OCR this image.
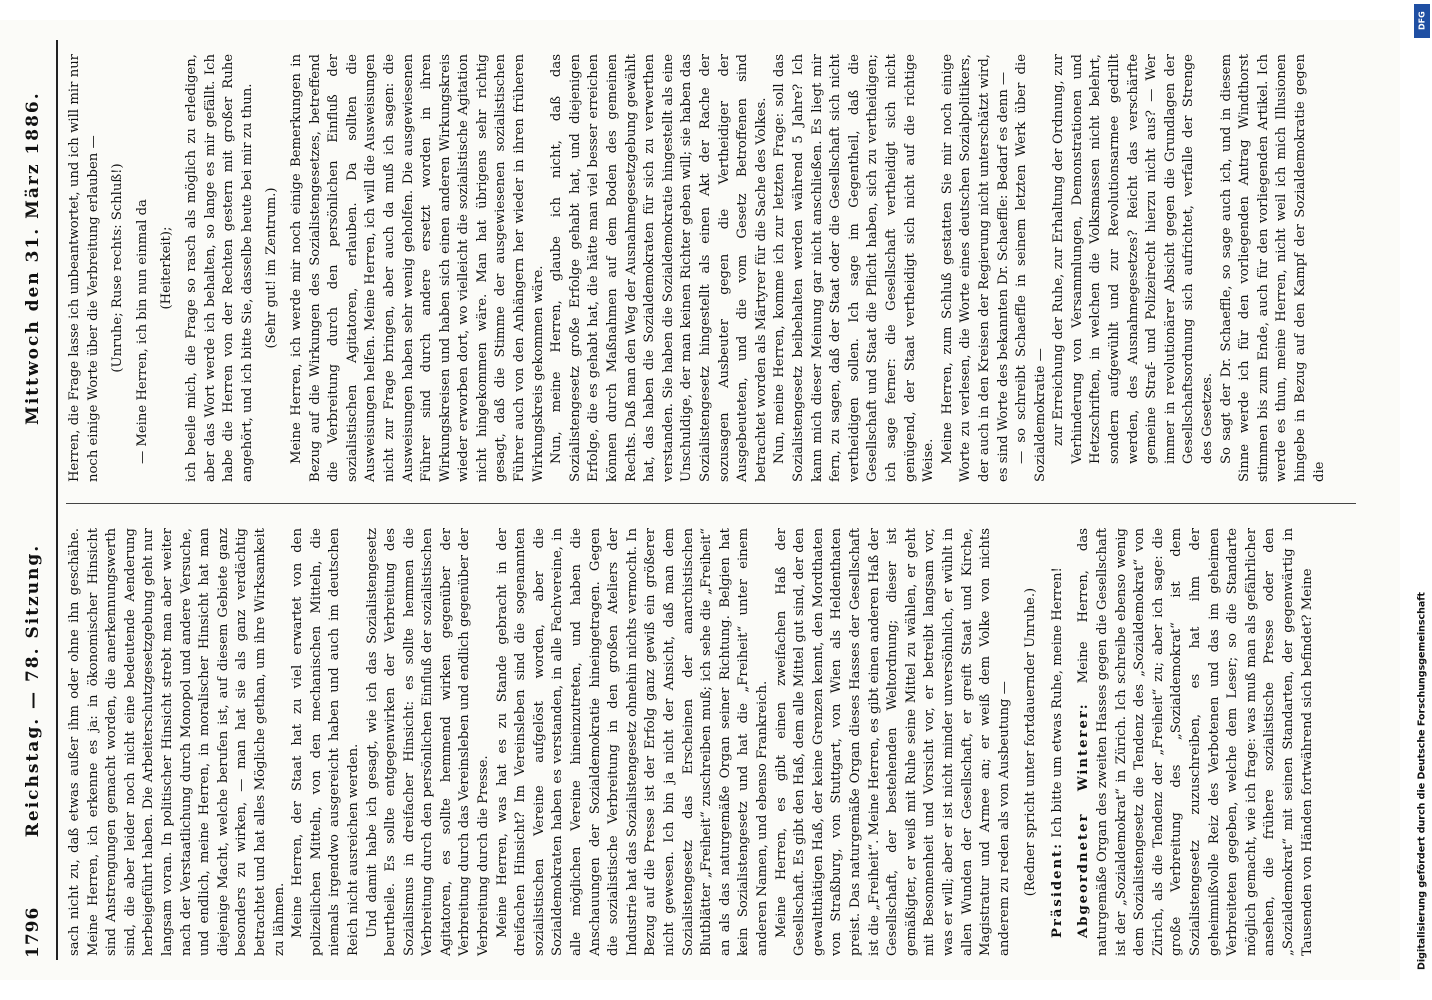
1796
Reichstag. — 78. Sitzung.
Mittwoch den 31. März 1886.

sach nicht zu, daß etwas außer ihm oder ohne ihn geschähe. Meine Herren, ich erkenne es ja: in ökonomischer Hinsicht sind Anstrengungen gemacht worden, die anerkennungswerth sind, die aber leider noch nicht eine bedeutende Aenderung herbeigeführt haben. Die Arbeiterschutzgesetzgebung geht nur langsam voran. In politischer Hinsicht strebt man aber weiter nach der Verstaatlichung durch Monopol und andere Versuche, und endlich, meine Herren, in moralischer Hinsicht hat man diejenige Macht, welche berufen ist, auf diesem Gebiete ganz besonders zu wirken, — man hat sie als ganz verdächtig betrachtet und hat alles Mögliche gethan, um ihre Wirksamkeit zu lähmen. Meine Herren, der Staat hat zu viel erwartet von den polizeilichen Mitteln, von den mechanischen Mitteln, die niemals irgendwo ausgereicht haben und auch im deutschen Reich nicht ausreichen werden. Und damit habe ich gesagt, wie ich das Sozialistengesetz beurtheile. Es sollte entgegenwirken der Verbreitung des Sozialismus in dreifacher Hinsicht: es sollte hemmen die Verbreitung durch den persönlichen Einfluß der sozialistischen Agitatoren, es sollte hemmend wirken gegenüber der Verbreitung durch das Vereinsleben und endlich gegenüber der Verbreitung durch die Presse. Meine Herren, was hat es zu Stande gebracht in der dreifachen Hinsicht? Im Vereinsleben sind die sogenannten sozialistischen Vereine aufgelöst worden, aber die Sozialdemokraten haben es verstanden, in alle Fachvereine, in alle möglichen Vereine hineinzutreten, und haben die Anschauungen der Sozialdemokratie hineingetragen. Gegen die sozialistische Verbreitung in den großen Ateliers der Industrie hat das Sozialistengesetz ohnehin nichts vermocht. In Bezug auf die Presse ist der Erfolg ganz gewiß ein größerer nicht gewesen. Ich bin ja nicht der Ansicht, daß man dem Sozialistengesetz das Erscheinen der anarchistischen Blutblätter „Freiheit“ zuschreiben muß; ich sehe die „Freiheit“ an als das naturgemäße Organ seiner Richtung. Belgien hat kein Sozialistengesetz und hat die „Freiheit“ unter einem anderen Namen, und ebenso Frankreich. Meine Herren, es gibt einen zweifachen Haß der Gesellschaft. Es gibt den Haß, dem alle Mittel gut sind, der den gewaltthätigen Haß, der keine Grenzen kennt, den Mordthaten von Straßburg, von Stuttgart, von Wien als Heldenthaten preist. Das naturgemäße Organ dieses Hasses der Gesellschaft ist die „Freiheit“. Meine Herren, es gibt einen anderen Haß der Gesellschaft, der bestehenden Weltordnung; dieser ist gemäßigter, er weiß mit Ruhe seine Mittel zu wählen, er geht mit Besonnenheit und Vorsicht vor, er betreibt langsam vor, was er will; aber er ist nicht minder unversöhnlich, er wühlt in allen Wunden der Gesellschaft, er greift Staat und Kirche, Magistratur und Armee an; er weiß dem Volke von nichts anderem zu reden als von Ausbeutung — (Redner spricht unter fortdauernder Unruhe.) Präsident: Ich bitte um etwas Ruhe, meine Herren! Abgeordneter Winterer: Meine Herren, das naturgemäße Organ des zweiten Hasses gegen die Gesellschaft ist der „Sozialdemokrat“ in Zürich. Ich schreibe ebenso wenig dem Sozialistengesetz die Tendenz des „Sozialdemokrat“ von Zürich, als die Tendenz der „Freiheit“ zu; aber ich sage: die große Verbreitung des „Sozialdemokrat“ ist dem Sozialistengesetz zuzuschreiben, es hat ihm der geheimnißvolle Reiz des Verbotenen und das im geheimen Verbreiteten gegeben, welche dem Leser; so die Standarte möglich gemacht, wie ich frage: was muß man als gefährlicher ansehen, die frühere sozialistische Presse oder den „Sozialdemokrat“ mit seinen Standarten, der gegenwärtig in Tausenden von Händen fortwährend sich befindet? Meine

Herren, die Frage lasse ich unbeantwortet, und ich will mir nur noch einige Worte über die Verbreitung erlauben — (Unruhe; Ruse rechts: Schluß!) — Meine Herren, ich bin nun einmal da (Heiterkeit); ich beeile mich, die Frage so rasch als möglich zu erledigen, aber das Wort werde ich behalten, so lange es mir gefällt. Ich habe die Herren von der Rechten gestern mit großer Ruhe angehört, und ich bitte Sie, dasselbe heute bei mir zu thun. (Sehr gut! im Zentrum.) Meine Herren, ich werde mir noch einige Bemerkungen in Bezug auf die Wirkungen des Sozialistengesetzes, betreffend die Verbreitung durch den persönlichen Einfluß der sozialistischen Agitatoren, erlauben. Da sollten die Ausweisungen helfen. Meine Herren, ich will die Ausweisungen nicht zur Frage bringen, aber auch da muß ich sagen: die Ausweisungen haben sehr wenig geholfen. Die ausgewiesenen Führer sind durch andere ersetzt worden in ihren Wirkungskreisen und haben sich einen anderen Wirkungskreis wieder erworben dort, wo vielleicht die sozialistische Agitation nicht hingekommen wäre. Man hat übrigens sehr richtig gesagt, daß die Stimme der ausgewiesenen sozialistischen Führer auch von den Anhängern her wieder in ihren früheren Wirkungskreis gekommen wäre. Nun, meine Herren, glaube ich nicht, daß das Sozialistengesetz große Erfolge gehabt hat, und diejenigen Erfolge, die es gehabt hat, die hätte man viel besser erreichen können durch Maßnahmen auf dem Boden des gemeinen Rechts. Daß man den Weg der Ausnahmegesetzgebung gewählt hat, das haben die Sozialdemokraten für sich zu verwerthen verstanden. Sie haben die Sozialdemokratie hingestellt als eine Unschuldige, der man keinen Richter geben will; sie haben das Sozialistengesetz hingestellt als einen Akt der Rache der sozusagen Ausbeuter gegen die Vertheidiger der Ausgebeuteten, und die vom Gesetz Betroffenen sind betrachtet worden als Märtyrer für die Sache des Volkes. Nun, meine Herren, komme ich zur letzten Frage: soll das Sozialistengesetz beibehalten werden während 5 Jahre? Ich kann mich dieser Meinung gar nicht anschließen. Es liegt mir fern, zu sagen, daß der Staat oder die Gesellschaft sich nicht vertheidigen sollen. Ich sage im Gegentheil, daß die Gesellschaft und Staat die Pflicht haben, sich zu vertheidigen; ich sage ferner: die Gesellschaft vertheidigt sich nicht genügend, der Staat vertheidigt sich nicht auf die richtige Weise. Meine Herren, zum Schluß gestatten Sie mir noch einige Worte zu verlesen, die Worte eines deutschen Sozialpolitikers, der auch in den Kreisen der Regierung nicht unterschätzt wird, es sind Worte des bekannten Dr. Schaeffle: Bedarf es denn — — so schreibt Schaeffle in seinem letzten Werk über die Sozialdemokratie — zur Erreichung der Ruhe, zur Erhaltung der Ordnung, zur Verhinderung von Versammlungen, Demonstrationen und Hetzschriften, in welchen die Volksmassen nicht belehrt, sondern aufgewühlt und zur Revolutionsarmee gedrillt werden, des Ausnahmegesetzes? Reicht das verschärfte gemeine Straf- und Polizeirecht hierzu nicht aus? — Wer immer in revolutionärer Absicht gegen die Grundlagen der Gesellschaftsordnung sich aufrichtet, verfalle der Strenge des Gesetzes. So sagt der Dr. Schaeffle, so sage auch ich, und in diesem Sinne werde ich für den vorliegenden Antrag Windthorst stimmen bis zum Ende, auch für den vorliegenden Artikel. Ich werde es thun, meine Herren, nicht weil ich mich Illusionen hingebe in Bezug auf den Kampf der Sozialdemokratie gegen die

DFG
Digitalisierung gefördert durch die Deutsche Forschungsgemeinschaft
